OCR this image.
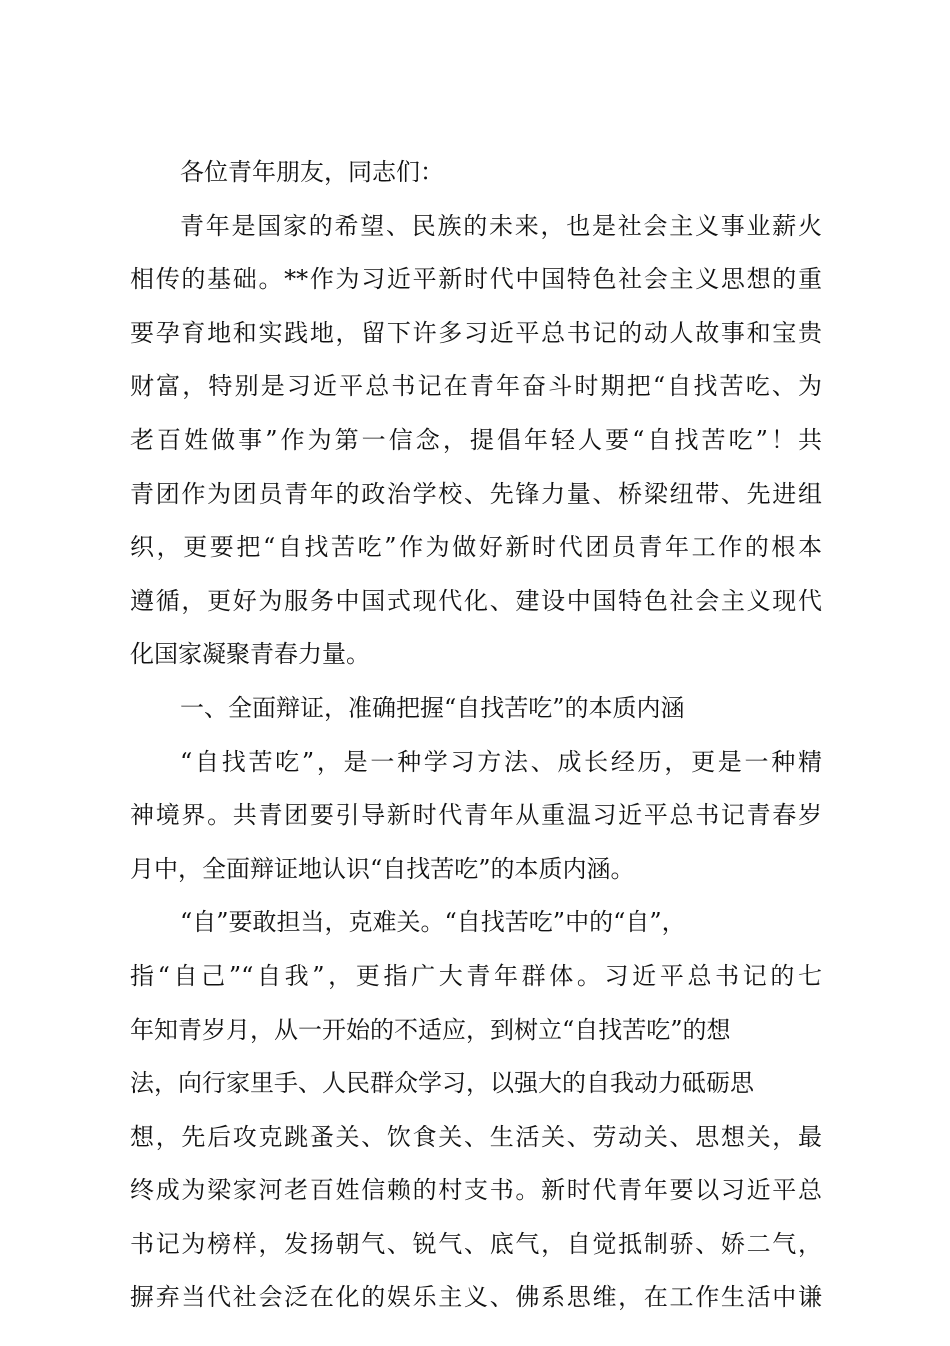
各位青年朋友，同志们：
青年是国家的希望、民族的未来，也是社会主义事业薪火
相传的基础。**作为习近平新时代中国特色社会主义思想的重
要孕育地和实践地，留下许多习近平总书记的动人故事和宝贵
财富，特别是习近平总书记在青年奋斗时期把“自找苦吃、为
老百姓做事”作为第一信念，提倡年轻人要“自找苦吃”！共
青团作为团员青年的政治学校、先锋力量、桥梁纽带、先进组
织，更要把“自找苦吃”作为做好新时代团员青年工作的根本
遵循，更好为服务中国式现代化、建设中国特色社会主义现代
化国家凝聚青春力量。
一、全面辩证，准确把握“自找苦吃”的本质内涵
“自找苦吃”，是一种学习方法、成长经历，更是一种精
神境界。共青团要引导新时代青年从重温习近平总书记青春岁
月中，全面辩证地认识“自找苦吃”的本质内涵。
“自”要敢担当，克难关。“自找苦吃”中的“自”，
指“自己”“自我”，更指广大青年群体。习近平总书记的七
年知青岁月，从一开始的不适应，到树立“自找苦吃”的想
法，向行家里手、人民群众学习，以强大的自我动力砥砺思
想，先后攻克跳蚤关、饮食关、生活关、劳动关、思想关，最
终成为梁家河老百姓信赖的村支书。新时代青年要以习近平总
书记为榜样，发扬朝气、锐气、底气，自觉抵制骄、娇二气，
摒弃当代社会泛在化的娱乐主义、佛系思维，在工作生活中谦
